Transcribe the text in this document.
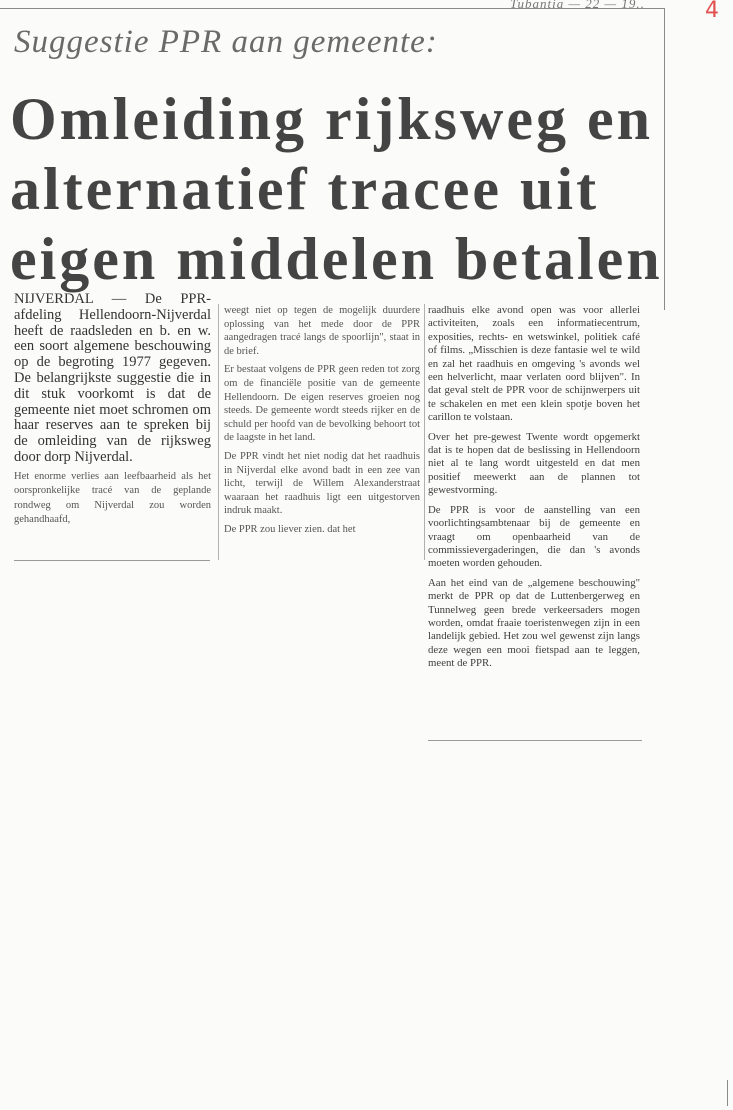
Tubantia — 22 — 19..	4
Suggestie PPR aan gemeente:
Omleiding rijksweg en
alternatief tracee uit
eigen middelen betalen

NIJVERDAL — De PPR-afdeling Hellendoorn-Nijverdal heeft de raadsleden en b. en w. een soort algemene beschouwing op de begroting 1977 gegeven. De belangrijkste suggestie die in dit stuk voorkomt is dat de gemeente niet moet schromen om haar reserves aan te spreken bij de omleiding van de rijksweg door dorp Nijverdal.

Het enorme verlies aan leefbaarheid als het oorspronkelijke tracé van de geplande rondweg om Nijverdal zou worden gehandhaafd,

weegt niet op tegen de mogelijk duurdere oplossing van het mede door de PPR aangedragen tracé langs de spoorlijn", staat in de brief.

Er bestaat volgens de PPR geen reden tot zorg om de financiële positie van de gemeente Hellendoorn. De eigen reserves groeien nog steeds. De gemeente wordt steeds rijker en de schuld per hoofd van de bevolking behoort tot de laagste in het land.

De PPR vindt het niet nodig dat het raadhuis in Nijverdal elke avond badt in een zee van licht, terwijl de Willem Alexanderstraat waaraan het raadhuis ligt een uitgestorven indruk maakt.

De PPR zou liever zien. dat het

raadhuis elke avond open was voor allerlei activiteiten, zoals een informatiecentrum, exposities, rechts- en wetswinkel, politiek café of films. „Misschien is deze fantasie wel te wild en zal het raadhuis en omgeving 's avonds wel een helverlicht, maar verlaten oord blijven". In dat geval stelt de PPR voor de schijnwerpers uit te schakelen en met een klein spotje boven het carillon te volstaan.

Over het pre-gewest Twente wordt opgemerkt dat is te hopen dat de beslissing in Hellendoorn niet al te lang wordt uitgesteld en dat men positief meewerkt aan de plannen tot gewestvorming.

De PPR is voor de aanstelling van een voorlichtingsambtenaar bij de gemeente en vraagt om openbaarheid van de commissievergaderingen, die dan 's avonds moeten worden gehouden.

Aan het eind van de „algemene beschouwing" merkt de PPR op dat de Luttenbergerweg en Tunnelweg geen brede verkeersaders mogen worden, omdat fraaie toeristenwegen zijn in een landelijk gebied. Het zou wel gewenst zijn langs deze wegen een mooi fietspad aan te leggen, meent de PPR.
